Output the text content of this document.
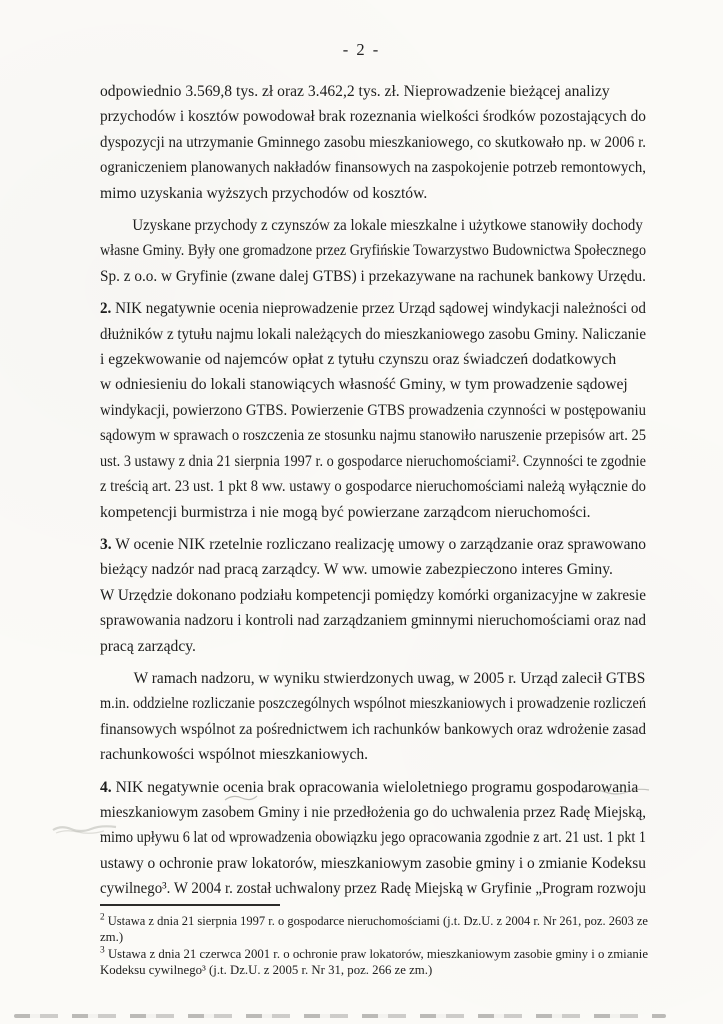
- 2 -
odpowiednio 3.569,8 tys. zł oraz 3.462,2 tys. zł. Nieprowadzenie bieżącej analizy
przychodów i kosztów powodował brak rozeznania wielkości środków pozostających do
dyspozycji na utrzymanie Gminnego zasobu mieszkaniowego, co skutkowało np. w 2006 r.
ograniczeniem planowanych nakładów finansowych na zaspokojenie potrzeb remontowych,
mimo uzyskania wyższych przychodów od kosztów.
Uzyskane przychody z czynszów za lokale mieszkalne i użytkowe stanowiły dochody
własne Gminy. Były one gromadzone przez Gryfińskie Towarzystwo Budownictwa Społecznego
Sp. z o.o. w Gryfinie (zwane dalej GTBS) i przekazywane na rachunek bankowy Urzędu.
2. NIK negatywnie ocenia nieprowadzenie przez Urząd sądowej windykacji należności od
dłużników z tytułu najmu lokali należących do mieszkaniowego zasobu Gminy. Naliczanie
i egzekwowanie od najemców opłat z tytułu czynszu oraz świadczeń dodatkowych
w odniesieniu do lokali stanowiących własność Gminy, w tym prowadzenie sądowej
windykacji, powierzono GTBS. Powierzenie GTBS prowadzenia czynności w postępowaniu
sądowym w sprawach o roszczenia ze stosunku najmu stanowiło naruszenie przepisów art. 25
ust. 3 ustawy z dnia 21 sierpnia 1997 r. o gospodarce nieruchomościami². Czynności te zgodnie
z treścią art. 23 ust. 1 pkt 8 ww. ustawy o gospodarce nieruchomościami należą wyłącznie do
kompetencji burmistrza i nie mogą być powierzane zarządcom nieruchomości.
3. W ocenie NIK rzetelnie rozliczano realizację umowy o zarządzanie oraz sprawowano
bieżący nadzór nad pracą zarządcy. W ww. umowie zabezpieczono interes Gminy.
W Urzędzie dokonano podziału kompetencji pomiędzy komórki organizacyjne w zakresie
sprawowania nadzoru i kontroli nad zarządzaniem gminnymi nieruchomościami oraz nad
pracą zarządcy.
W ramach nadzoru, w wyniku stwierdzonych uwag, w 2005 r. Urząd zalecił GTBS
m.in. oddzielne rozliczanie poszczególnych wspólnot mieszkaniowych i prowadzenie rozliczeń
finansowych wspólnot za pośrednictwem ich rachunków bankowych oraz wdrożenie zasad
rachunkowości wspólnot mieszkaniowych.
4. NIK negatywnie ocenia brak opracowania wieloletniego programu gospodarowania
mieszkaniowym zasobem Gminy i nie przedłożenia go do uchwalenia przez Radę Miejską,
mimo upływu 6 lat od wprowadzenia obowiązku jego opracowania zgodnie z art. 21 ust. 1 pkt 1
ustawy o ochronie praw lokatorów, mieszkaniowym zasobie gminy i o zmianie Kodeksu
cywilnego³. W 2004 r. został uchwalony przez Radę Miejską w Gryfinie „Program rozwoju
$^2$ Ustawa z dnia 21 sierpnia 1997 r. o gospodarce nieruchomościami (j.t. Dz.U. z 2004 r. Nr 261, poz. 2603 ze
zm.)
$^3$ Ustawa z dnia 21 czerwca 2001 r. o ochronie praw lokatorów, mieszkaniowym zasobie gminy i o zmianie
Kodeksu cywilnego³ (j.t. Dz.U. z 2005 r. Nr 31, poz. 266 ze zm.)
